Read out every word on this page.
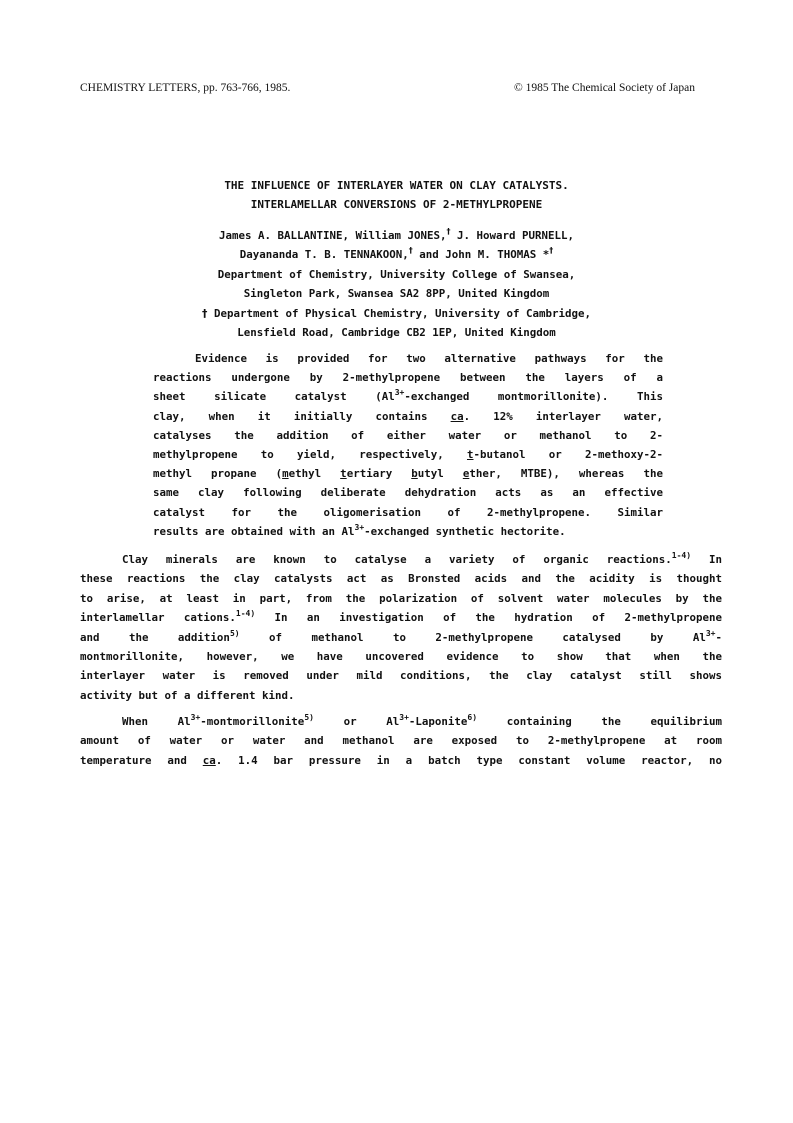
CHEMISTRY LETTERS, pp. 763-766, 1985.	© 1985 The Chemical Society of Japan
THE INFLUENCE OF INTERLAYER WATER ON CLAY CATALYSTS.
INTERLAMELLAR CONVERSIONS OF 2-METHYLPROPENE
James A. BALLANTINE, William JONES,† J. Howard PURNELL,
Dayananda T. B. TENNAKOON,† and John M. THOMAS *†
Department of Chemistry, University College of Swansea,
Singleton Park, Swansea SA2 8PP, United Kingdom
† Department of Physical Chemistry, University of Cambridge,
Lensfield Road, Cambridge CB2 1EP, United Kingdom
Evidence is provided for two alternative pathways for the
reactions undergone by 2-methylpropene between the layers of a
sheet silicate catalyst ($Al^{3+}$-exchanged montmorillonite). This
clay, when it initially contains ca. 12% interlayer water,
catalyses the addition of either water or methanol to 2-
methylpropene to yield, respectively, t-butanol or 2-methoxy-2-
methyl propane (methyl tertiary butyl ether, MTBE), whereas the
same clay following deliberate dehydration acts as an effective
catalyst for the oligomerisation of 2-methylpropene. Similar
results are obtained with an $Al^{3+}$-exchanged synthetic hectorite.
Clay minerals are known to catalyse a variety of organic reactions.$^{1-4)}$ In
these reactions the clay catalysts act as Bronsted acids and the acidity is thought
to arise, at least in part, from the polarization of solvent water molecules by the
interlamellar cations.$^{1-4)}$ In an investigation of the hydration of 2-methylpropene
and the addition$^{5)}$ of methanol to 2-methylpropene catalysed by $Al^{3+}-$
montmorillonite, however, we have uncovered evidence to show that when the
interlayer water is removed under mild conditions, the clay catalyst still shows
activity but of a different kind.
When $Al^{3+}-montmorillonite^{5)}$ or $Al^{3+}-Laponite^{6)}$ containing the equilibrium
amount of water or water and methanol are exposed to 2-methylpropene at room
temperature and ca. 1.4 bar pressure in a batch type constant volume reactor, no
